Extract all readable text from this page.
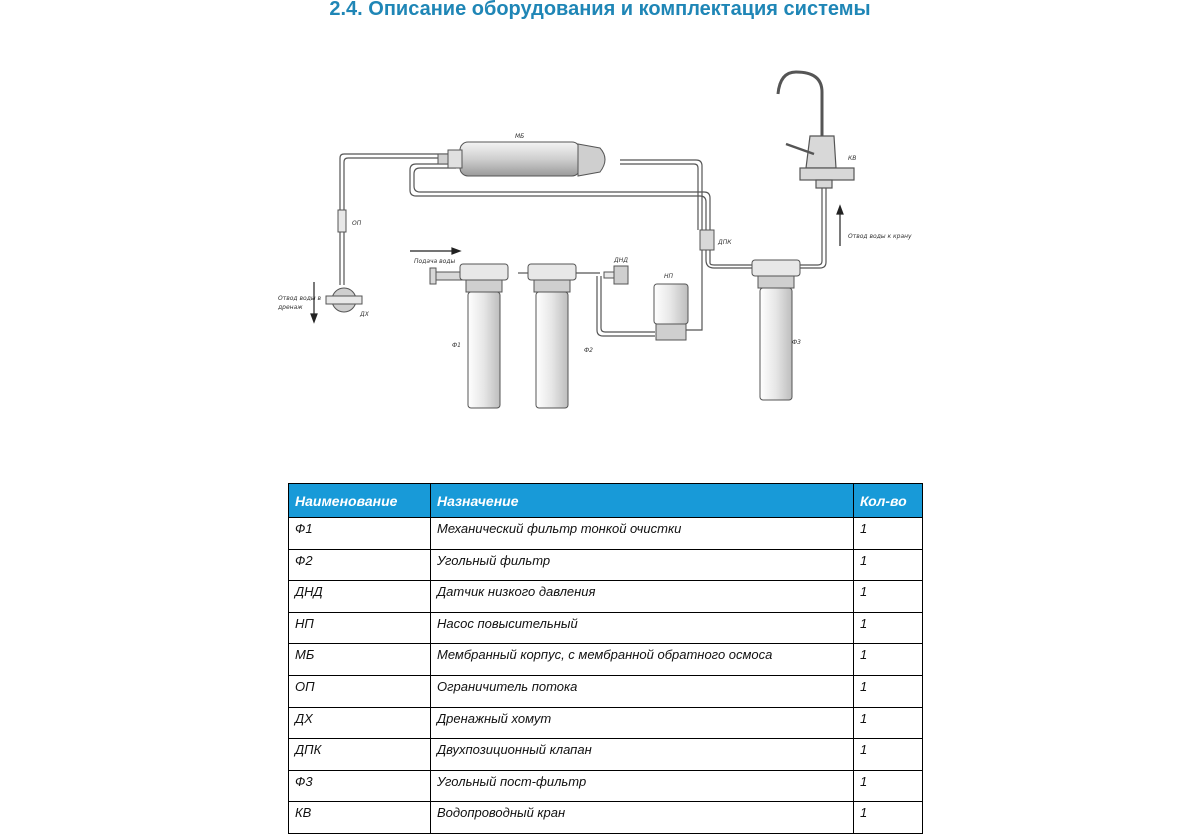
2.4. Описание оборудования и комплектация системы
МБ
ОП
ДХ
Отвод воды в
дренаж
Подача воды	ДНД
НП
ДПК
Ф1
Ф2
Ф3
КВ
Отвод воды к крану
Наименование	Назначение	Кол-во
Ф1	Механический фильтр тонкой очистки	1
Ф2	Угольный фильтр	1
ДНД	Датчик низкого давления	1
НП	Насос повысительный	1
МБ	Мембранный корпус, с мембранной обратного осмоса	1
ОП	Ограничитель потока	1
ДХ	Дренажный хомут	1
ДПК	Двухпозиционный клапан	1
Ф3	Угольный пост-фильтр	1
КВ	Водопроводный кран	1
